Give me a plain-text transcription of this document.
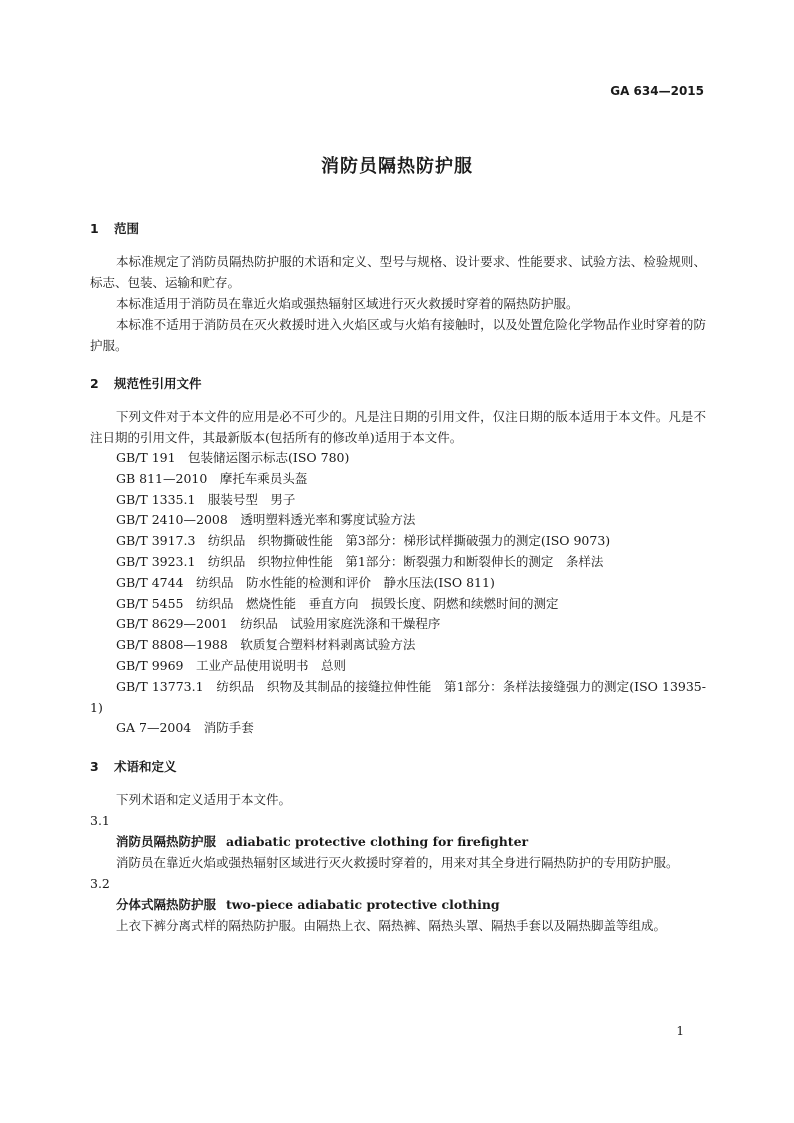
GA 634—2015
消防员隔热防护服
1 范围

本标准规定了消防员隔热防护服的术语和定义、型号与规格、设计要求、性能要求、试验方法、检验规则、标志、包装、运输和贮存。

本标准适用于消防员在靠近火焰或强热辐射区域进行灭火救援时穿着的隔热防护服。

本标准不适用于消防员在灭火救援时进入火焰区或与火焰有接触时，以及处置危险化学物品作业时穿着的防护服。

2 规范性引用文件

下列文件对于本文件的应用是必不可少的。凡是注日期的引用文件，仅注日期的版本适用于本文件。凡是不注日期的引用文件，其最新版本(包括所有的修改单)适用于本文件。

GB/T 191　包装储运图示标志(ISO 780)

GB 811—2010　摩托车乘员头盔

GB/T 1335.1　服装号型　男子

GB/T 2410—2008　透明塑料透光率和雾度试验方法

GB/T 3917.3　纺织品　织物撕破性能　第3部分：梯形试样撕破强力的测定(ISO 9073)

GB/T 3923.1　纺织品　织物拉伸性能　第1部分：断裂强力和断裂伸长的测定　条样法

GB/T 4744　纺织品　防水性能的检测和评价　静水压法(ISO 811)

GB/T 5455　纺织品　燃烧性能　垂直方向　损毁长度、阴燃和续燃时间的测定

GB/T 8629—2001　纺织品　试验用家庭洗涤和干燥程序

GB/T 8808—1988　软质复合塑料材料剥离试验方法

GB/T 9969　工业产品使用说明书　总则

GB/T 13773.1　纺织品　织物及其制品的接缝拉伸性能　第1部分：条样法接缝强力的测定(ISO 13935-1)

GA 7—2004　消防手套

3 术语和定义

下列术语和定义适用于本文件。

3.1
消防员隔热防护服 adiabatic protective clothing for firefighter

消防员在靠近火焰或强热辐射区域进行灭火救援时穿着的，用来对其全身进行隔热防护的专用防护服。

3.2
分体式隔热防护服 two-piece adiabatic protective clothing

上衣下裤分离式样的隔热防护服。由隔热上衣、隔热裤、隔热头罩、隔热手套以及隔热脚盖等组成。

1
